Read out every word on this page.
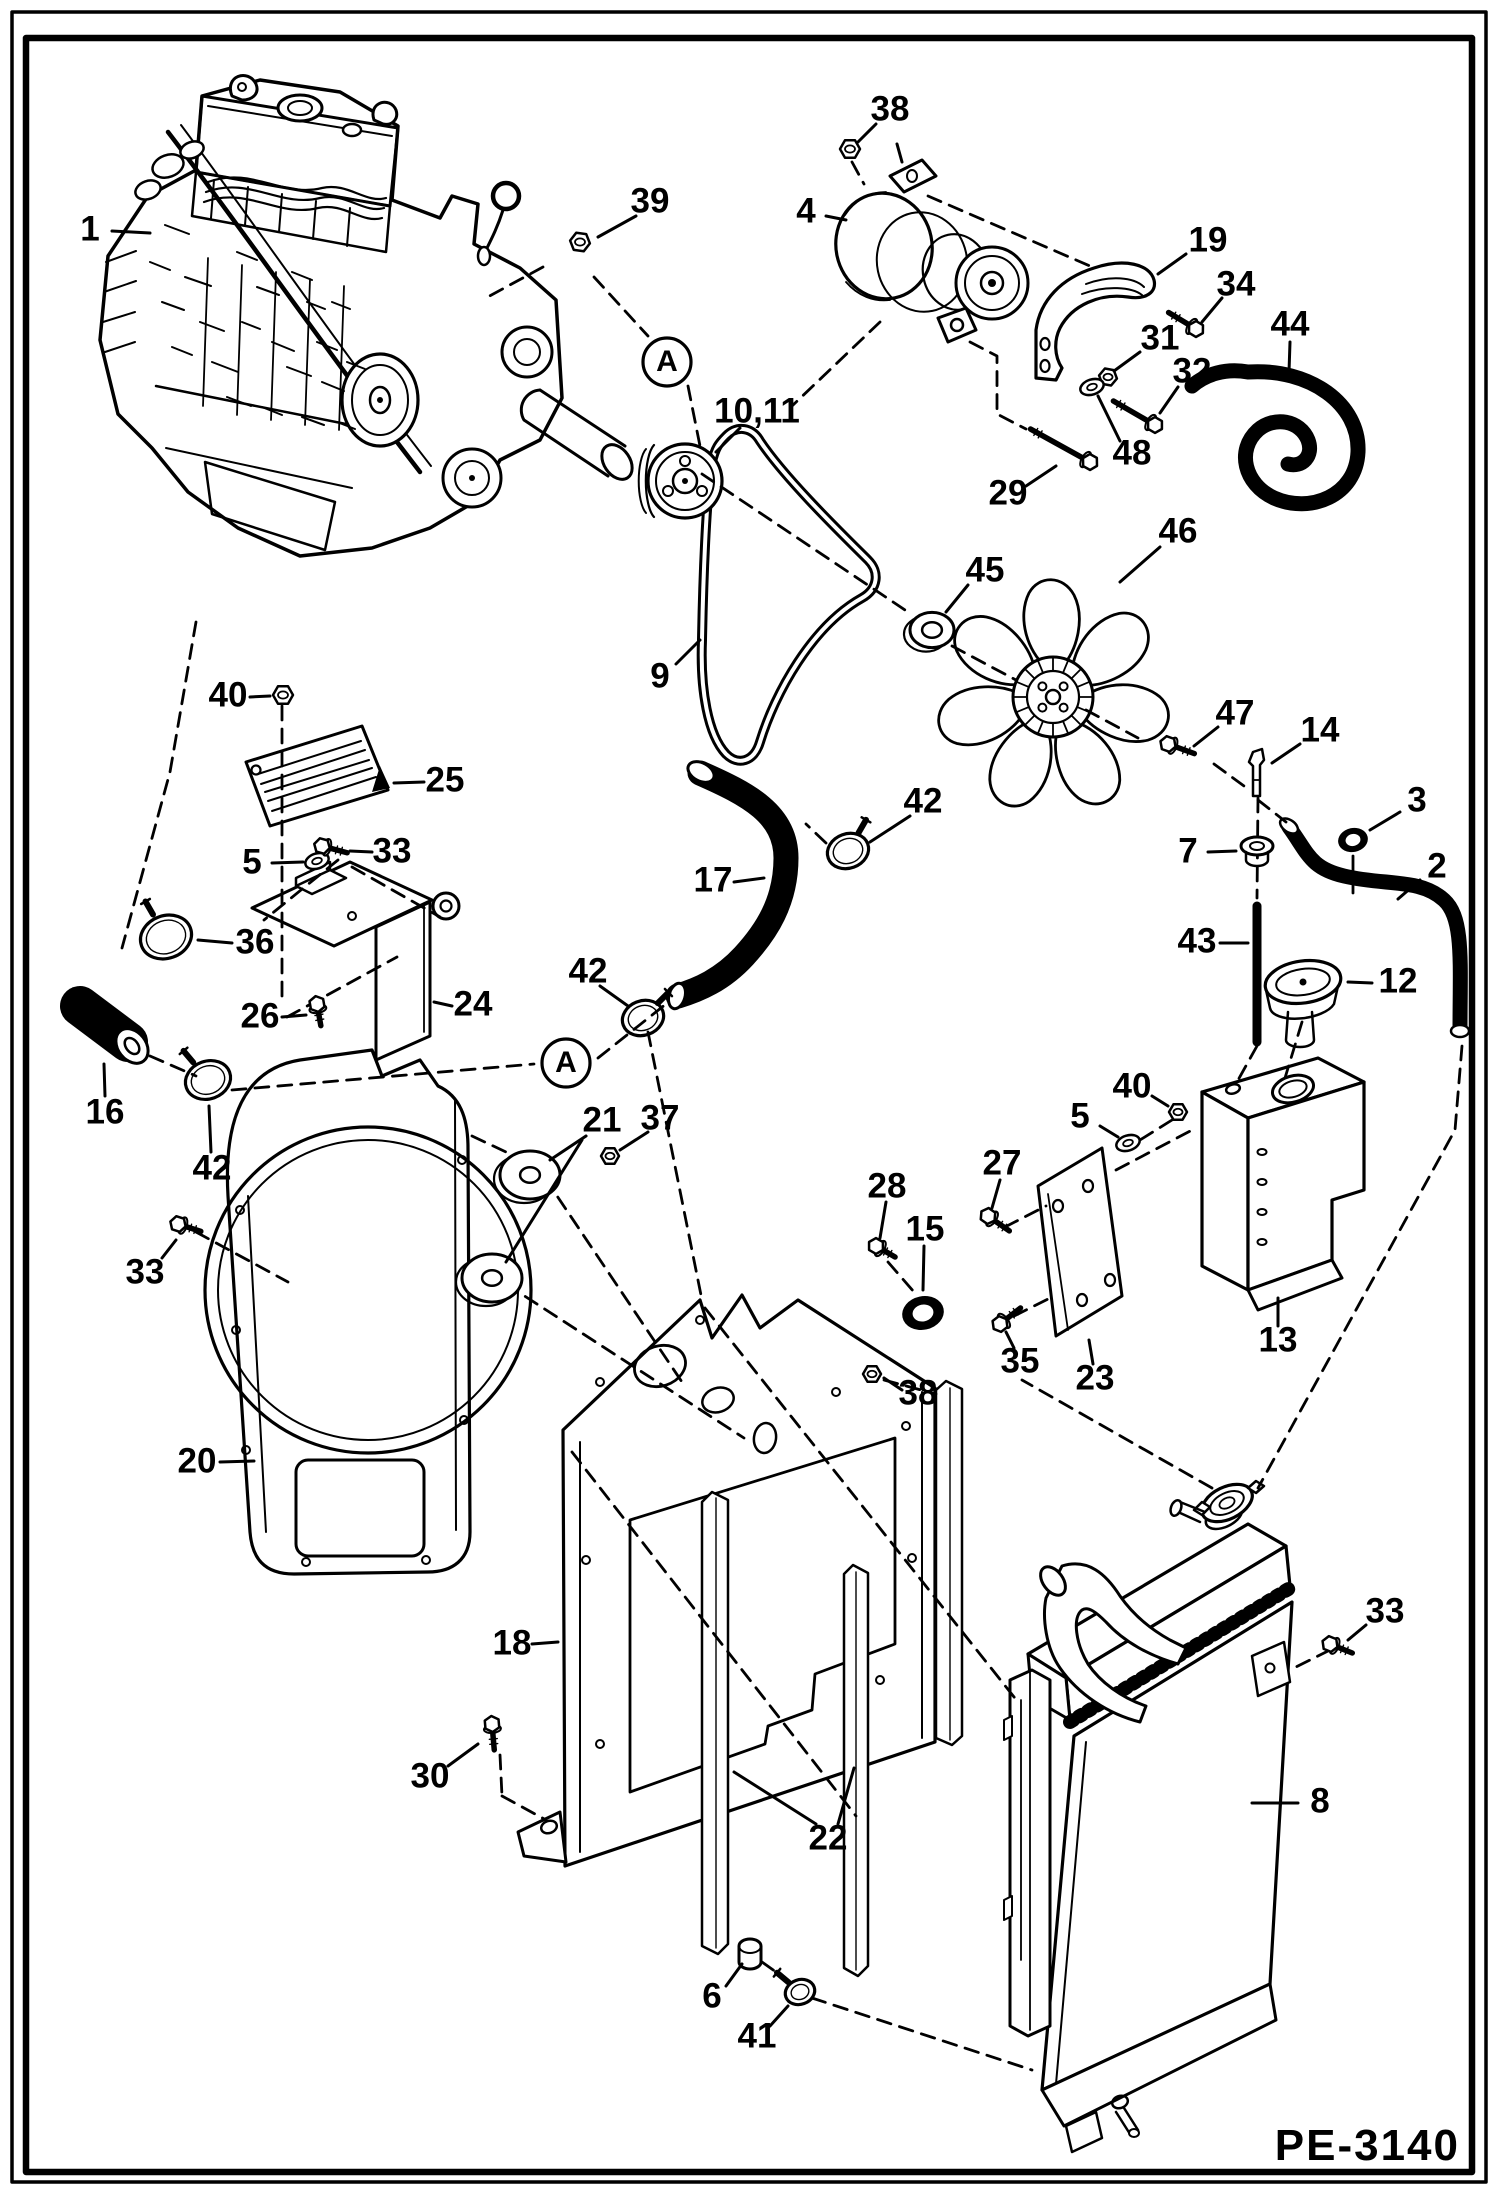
1
39
38
4
19
34
31
32
48
29
44
10,11
9
45
46
47 14
7
3
2
43
12
40
5
27
35 23
13
40
25
5	33
36
26	24
16
42
33
20
21 37
28
15
38
17
42
42
18
30
22
6
41
8
33
A
A
PE-3140
